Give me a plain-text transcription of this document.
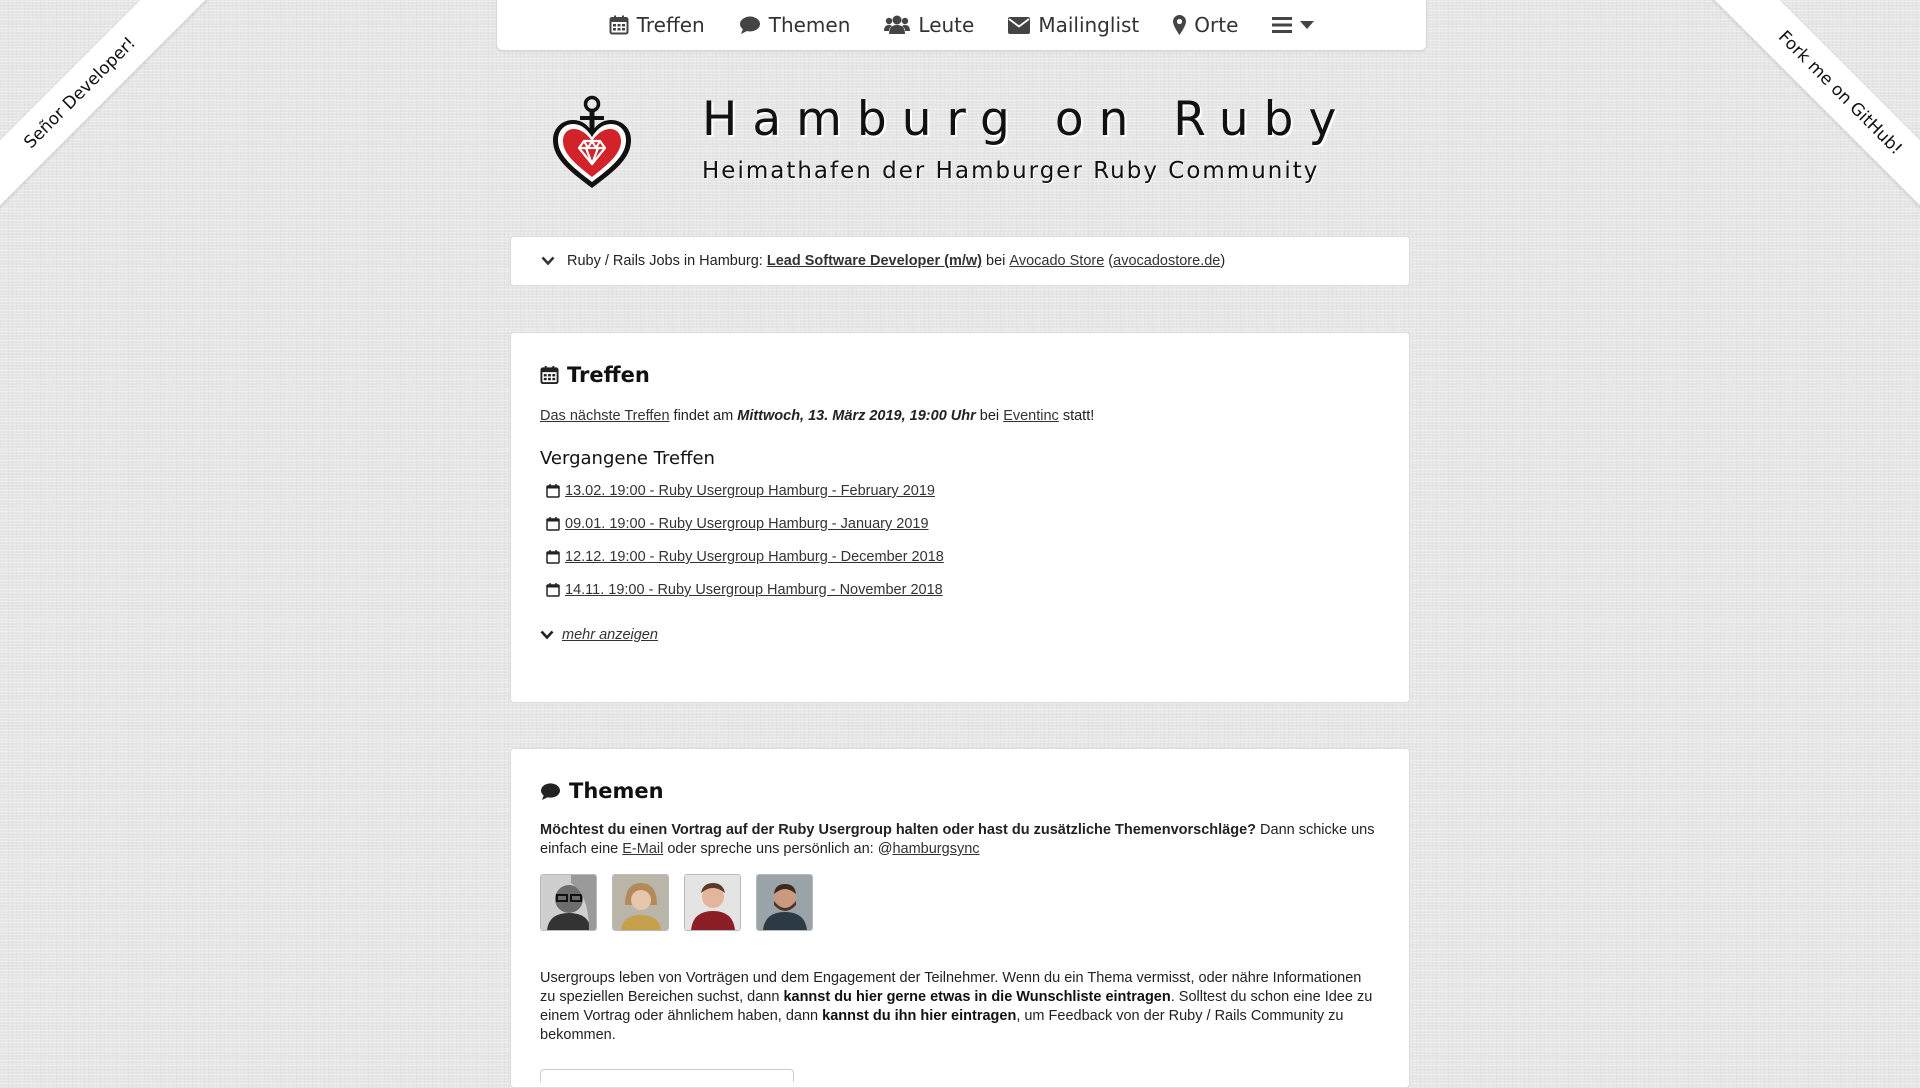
Señor Developer!	Fork me on GitHub!
Treffen	Themen	Leute	Mailinglist	Orte
Hamburg on Ruby
Heimathafen der Hamburger Ruby Community
Ruby / Rails Jobs in Hamburg:
Lead Software Developer (m/w)
bei
Avocado Store ( avocadostore.de )
Treffen

Das nächste Treffen findet am Mittwoch, 13. März 2019, 19:00 Uhr bei Eventinc statt!

Vergangene Treffen
13.02. 19:00 - Ruby Usergroup Hamburg - February 2019
09.01. 19:00 - Ruby Usergroup Hamburg - January 2019
12.12. 19:00 - Ruby Usergroup Hamburg - December 2018
14.11. 19:00 - Ruby Usergroup Hamburg - November 2018
mehr anzeigen
Themen

Möchtest du einen Vortrag auf der Ruby Usergroup halten oder hast du zusätzliche Themenvorschläge? Dann schicke uns einfach eine E-Mail oder spreche uns persönlich an: @hamburgsync

Usergroups leben von Vorträgen und dem Engagement der Teilnehmer. Wenn du ein Thema vermisst, oder nähre Informationen zu speziellen Bereichen suchst, dann kannst du hier gerne etwas in die Wunschliste eintragen. Solltest du schon eine Idee zu einem Vortrag oder ähnlichem haben, dann kannst du ihn hier eintragen, um Feedback von der Ruby / Rails Community zu bekommen.
